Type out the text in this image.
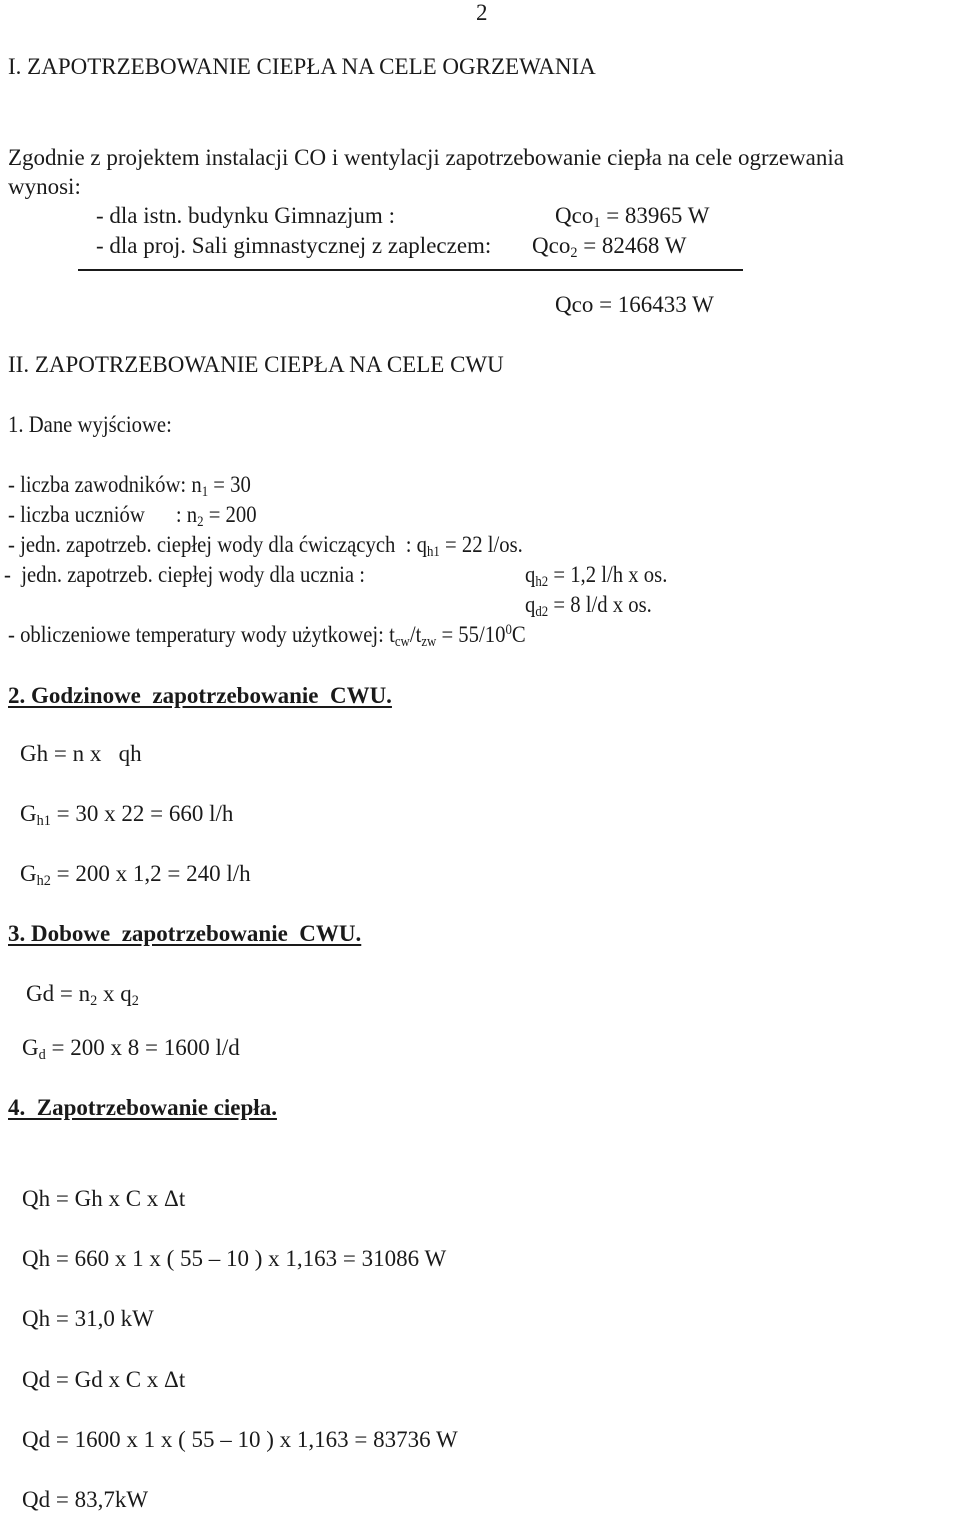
2
I. ZAPOTRZEBOWANIE CIEPŁA NA CELE OGRZEWANIA
Zgodnie z projektem instalacji CO i wentylacji zapotrzebowanie ciepła na cele ogrzewania
wynosi:
- dla istn. budynku Gimnazjum :	Qco$_1$ = 83965 W
- dla proj. Sali gimnastycznej z zapleczem: Qco$_2$ = 82468 W
Qco = 166433 W
II. ZAPOTRZEBOWANIE CIEPŁA NA CELE CWU
1. Dane wyjściowe:
- liczba zawodników: $n_1 = 30$
- liczba uczniów      : $n_2 = 200$
- jedn. zapotrzeb. ciepłej wody dla ćwiczących  : $q_{h1} = 22$ l/os.
-  jedn. zapotrzeb. ciepłej wody dla ucznia :	$q_{h2} = 1,2$ l/h x os.
$q_{d2} = 8$ l/d x os.
- obliczeniowe temperatury wody użytkowej: $t_{cw}/t_{zw} = 55/10^0C$
2. Godzinowe  zapotrzebowanie  CWU.
Gh = n x   qh
$G_{h1} = 30$ x 22 = 660 l/h
$G_{h2} = 200$ x 1,2 = 240 l/h
3. Dobowe  zapotrzebowanie  CWU.
$Gd = n_2$ x $q_2$
$G_d = 200$ x 8 = 1600 l/d
4.  Zapotrzebowanie ciepła.
Qh = Gh x C x Δt
Qh = 660 x 1 x ( 55 – 10 ) x 1,163 = 31086 W
Qh = 31,0 kW
Qd = Gd x C x Δt
Qd = 1600 x 1 x ( 55 – 10 ) x 1,163 = 83736 W
Qd = 83,7kW
